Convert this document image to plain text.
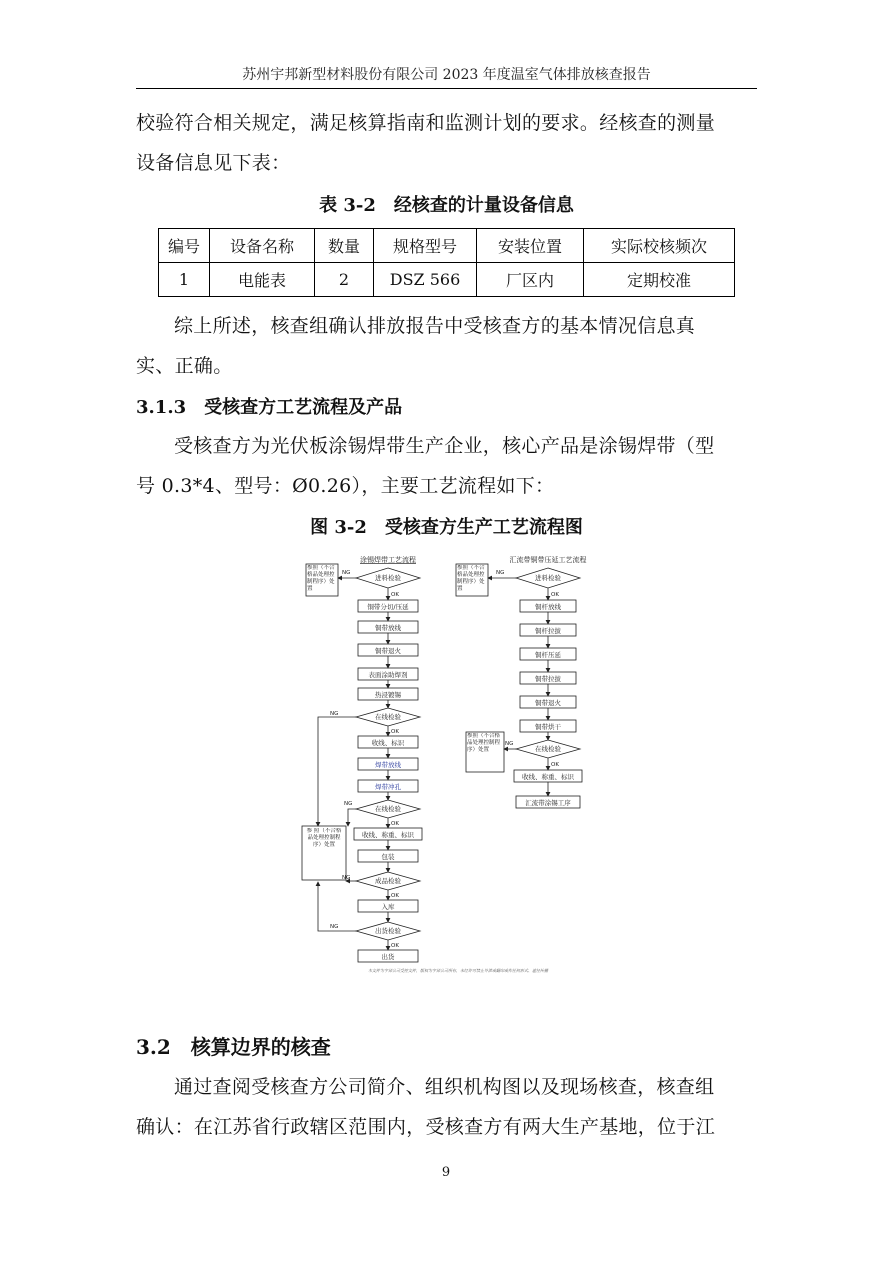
苏州宇邦新型材料股份有限公司 2023 年度温室气体排放核查报告
校验符合相关规定，满足核算指南和监测计划的要求。经核查的测量
设备信息见下表：
表 3-2　经核查的计量设备信息
编号	设备名称	数量	规格型号	安装位置	实际校核频次
1	电能表	2	DSZ 566	厂区内	定期校准
综上所述，核查组确认排放报告中受核查方的基本情况信息真
实、正确。
3.1.3　受核查方工艺流程及产品
受核查方为光伏板涂锡焊带生产企业，核心产品是涂锡焊带（型
号 0.3*4、型号：Ø0.26），主要工艺流程如下：
图 3-2　受核查方生产工艺流程图
涂锡焊带工艺流程
参照（不合格品处理控制程序）处置
进料检验
NG
OK
铜带分切/压延
铜带放线
铜带退火
表面涂助焊剂
热浸镀锡
在线检验
NG
OK
收线、标识
焊带放线
焊带冲孔
在线检验
NG
OK
参 照（不合格品处理控制程序）处置
收线、称重、标识
包装
成品检验
NG
OK
入库
出货检验
NG
OK
出货
汇流带铜带压延工艺流程
参照（不合格品处理控制程序）处置
进料检验
NG
OK
铜杆放线
铜杆拉拔
铜杆压延
铜带拉拔
铜带退火
铜带烘干
参照（不合格品处理控制程序）处置	在线检验
NG
OK
收线、称重、标识
汇流带涂锡工序
本文件为宇邦公司受控文件，版权为宇邦公司所有，未经许可禁止外泄或翻印或作任何形式、途径传播
3.2　核算边界的核查
通过查阅受核查方公司简介、组织机构图以及现场核查，核查组
确认：在江苏省行政辖区范围内，受核查方有两大生产基地，位于江
9
